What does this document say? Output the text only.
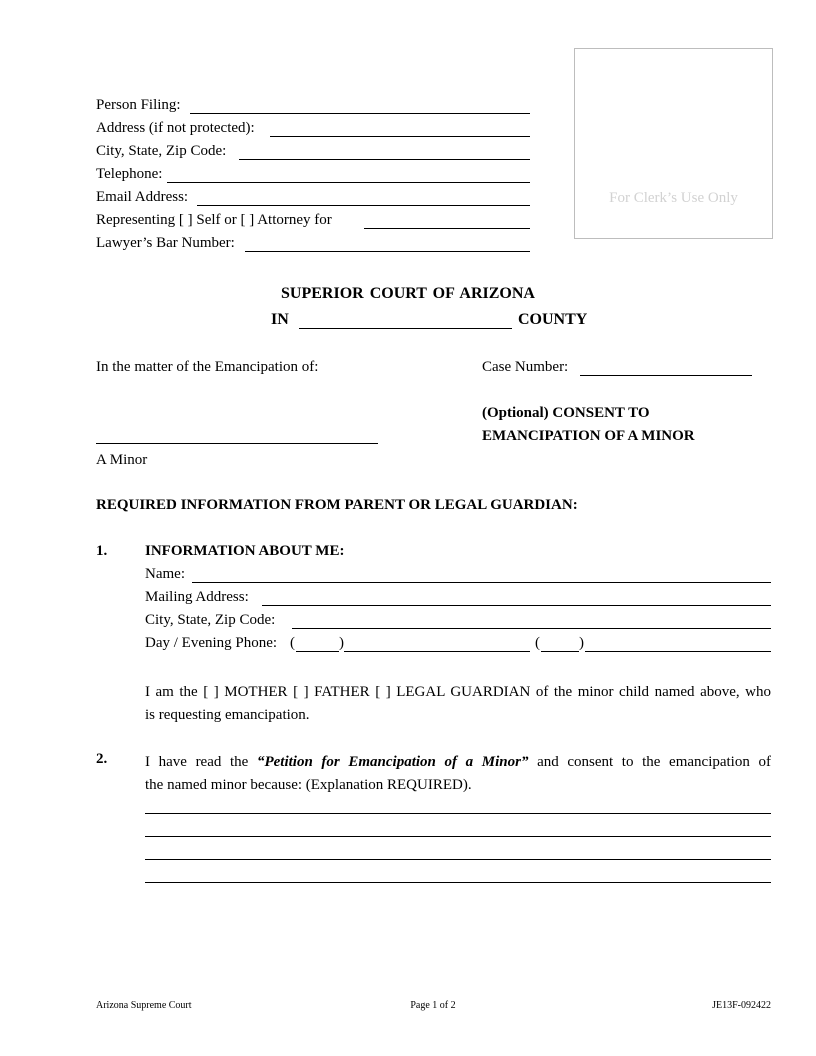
For Clerk’s Use Only
Person Filing:
Address (if not protected):
City, State, Zip Code:
Telephone:
Email Address:
Representing [ ] Self or [ ] Attorney for
Lawyer’s Bar Number:
SUPERIOR COURT OF ARIZONA
IN	COUNTY
In the matter of the Emancipation of:	Case Number:
(Optional) CONSENT TO
EMANCIPATION OF A MINOR
A Minor
REQUIRED INFORMATION FROM PARENT OR LEGAL GUARDIAN:
1.	INFORMATION ABOUT ME:
Name:
Mailing Address:
City, State, Zip Code:
Day / Evening Phone: (	)	(	)
I am the [ ] MOTHER [ ] FATHER [ ] LEGAL GUARDIAN of the minor child named above, who
is requesting emancipation.
2.	I have read the “Petition for Emancipation of a Minor” and consent to the emancipation of
the named minor because: (Explanation REQUIRED).
Arizona Supreme Court	Page 1 of 2	JE13F-092422
